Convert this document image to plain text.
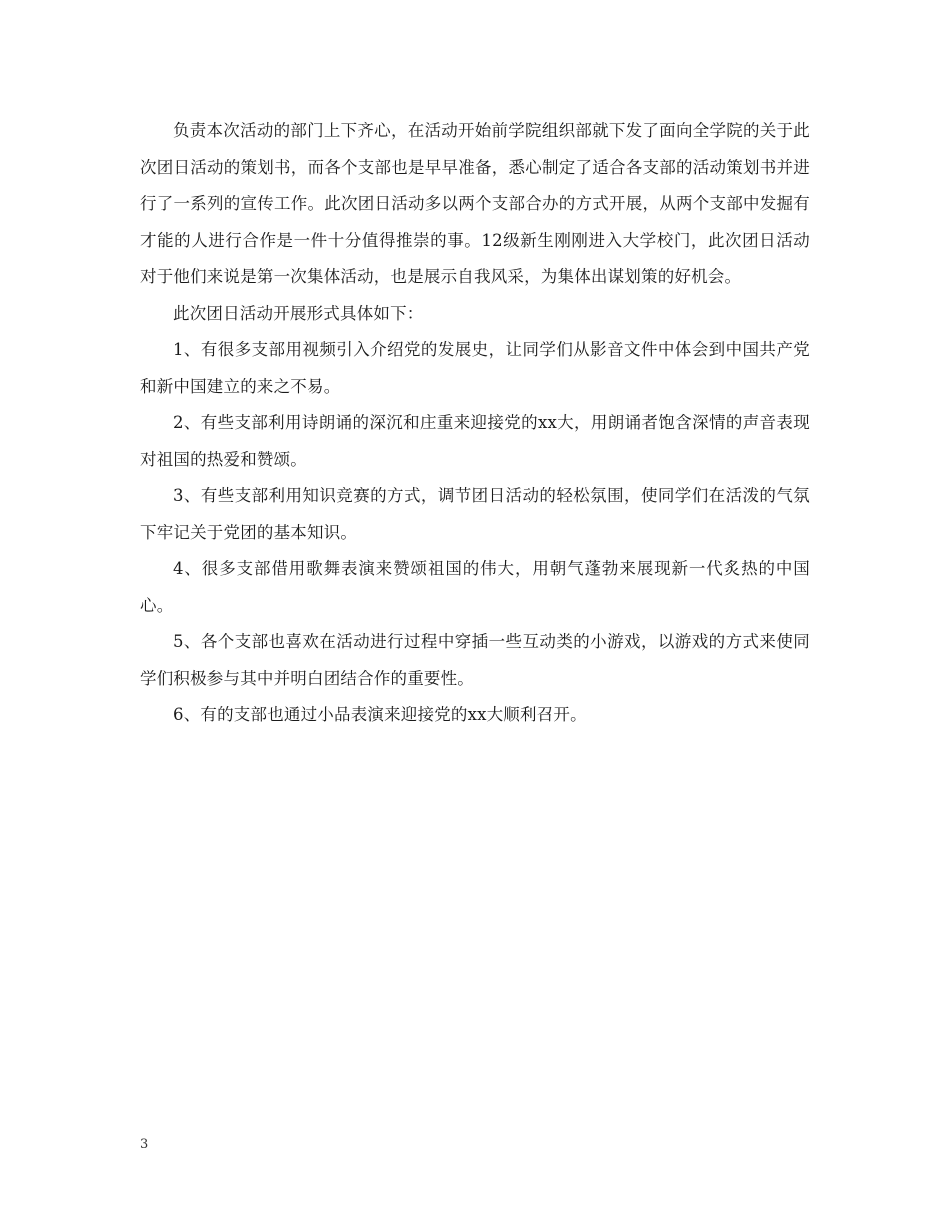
负责本次活动的部门上下齐心，在活动开始前学院组织部就下发了面向全学院的关于此次团日活动的策划书，而各个支部也是早早准备，悉心制定了适合各支部的活动策划书并进行了一系列的宣传工作。此次团日活动多以两个支部合办的方式开展，从两个支部中发掘有才能的人进行合作是一件十分值得推崇的事。12级新生刚刚进入大学校门，此次团日活动对于他们来说是第一次集体活动，也是展示自我风采，为集体出谋划策的好机会。

此次团日活动开展形式具体如下：

1、有很多支部用视频引入介绍党的发展史，让同学们从影音文件中体会到中国共产党和新中国建立的来之不易。

2、有些支部利用诗朗诵的深沉和庄重来迎接党的xx大，用朗诵者饱含深情的声音表现对祖国的热爱和赞颂。

3、有些支部利用知识竞赛的方式，调节团日活动的轻松氛围，使同学们在活泼的气氛下牢记关于党团的基本知识。

4、很多支部借用歌舞表演来赞颂祖国的伟大，用朝气蓬勃来展现新一代炙热的中国心。

5、各个支部也喜欢在活动进行过程中穿插一些互动类的小游戏，以游戏的方式来使同学们积极参与其中并明白团结合作的重要性。

6、有的支部也通过小品表演来迎接党的xx大顺利召开。

3
